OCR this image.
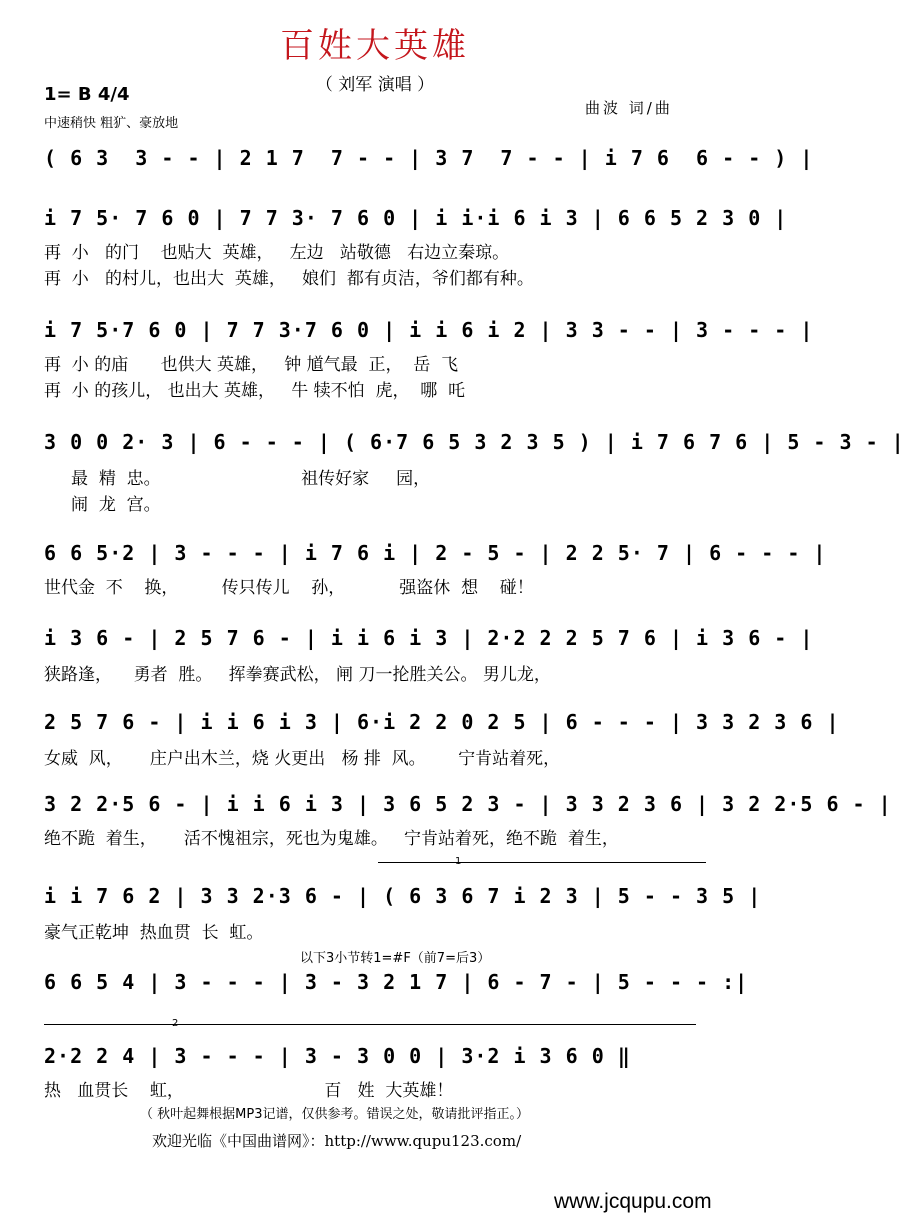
百姓大英雄
（ 刘军 演唱 ）
1= B 4/4
中速稍快 粗犷、豪放地
曲波 词/曲
( 6 3  3 - - | 2 1 7  7 - - | 3 7  7 - - | i 7 6  6 - - ) |
i 7 5· 7 6 0 | 7 7 3· 7 6 0 | i i·i 6 i 3 | 6 6 5 2 3 0 |
再  小   的门    也贴大  英雄，   左边   站敬德   右边立秦琼。
再  小   的村儿，也出大  英雄，   娘们  都有贞洁，爷们都有种。
i 7 5·7 6 0 | 7 7 3·7 6 0 | i i 6 i 2 | 3 3 - - | 3 - - - |
再  小 的庙      也供大 英雄，   钟 馗气最  正，  岳  飞
再  小 的孩儿， 也出大 英雄，   牛 犊不怕  虎，  哪  吒
3 0 0 2· 3 | 6 - - - | ( 6·7 6 5 3 2 3 5 ) | i 7 6 7 6 | 5 - 3 - |
最  精  忠。                          祖传好家     园，
闹  龙  宫。
6 6 5·2 | 3 - - - | i 7 6 i | 2 - 5 - | 2 2 5· 7 | 6 - - - |
世代金  不    换，        传只传儿    孙，          强盗休  想    碰！
i 3 6 - | 2 5 7 6 - | i i 6 i 3 | 2·2 2 2 5 7 6 | i 3 6 - |
狭路逢，    勇者  胜。   挥拳赛武松， 闸 刀一抡胜关公。 男儿龙，
2 5 7 6 - | i i 6 i 3 | 6·i 2 2 0 2 5 | 6 - - - | 3 3 2 3 6 |
女威  风，     庄户出木兰，烧 火更出   杨 排  风。      宁肯站着死，
3 2 2·5 6 - | i i 6 i 3 | 3 6 5 2 3 - | 3 3 2 3 6 | 3 2 2·5 6 - |
绝不跪  着生，     活不愧祖宗，死也为鬼雄。   宁肯站着死，绝不跪  着生，
1
i i 7 6 2 | 3 3 2·3 6 - | ( 6 3 6 7 i 2 3 | 5 - - 3 5 |
豪气正乾坤  热血贯  长  虹。
以下3小节转1=#F（前7=后3）
6 6 5 4 | 3 - - - | 3 - 3 2 1 7 | 6 - 7 - | 5 - - - :|
2
2·2 2 4 | 3 - - - | 3 - 3 0 0 | 3·2 i 3 6 0 ‖
热   血贯长    虹，                          百   姓  大英雄！
（ 秋叶起舞根据MP3记谱，仅供参考。错误之处，敬请批评指正。）
欢迎光临《中国曲谱网》：http://www.qupu123.com/
www.jcqupu.com
